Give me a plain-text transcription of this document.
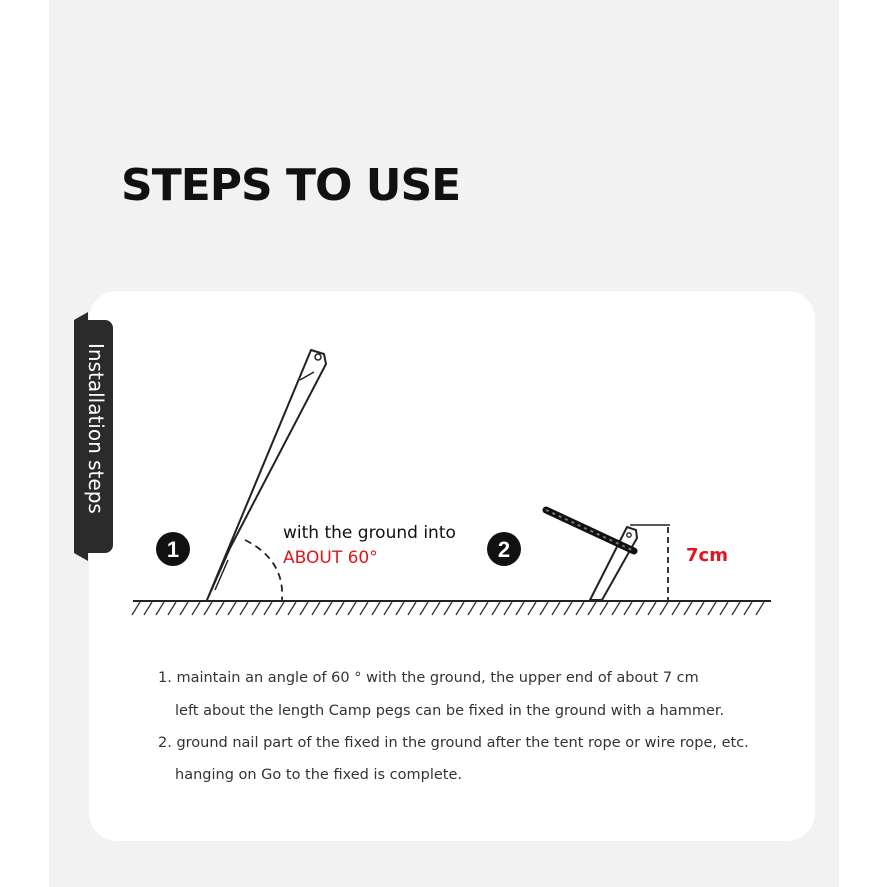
STEPS TO USE
Installation steps
1	2
with the ground into
ABOUT 60°	7cm
1. maintain an angle of 60 ° with the ground, the upper end of about 7 cm
left about the length Camp pegs can be fixed in the ground with a hammer.
2. ground nail part of the fixed in the ground after the tent rope or wire rope, etc.
hanging on Go to the fixed is complete.
